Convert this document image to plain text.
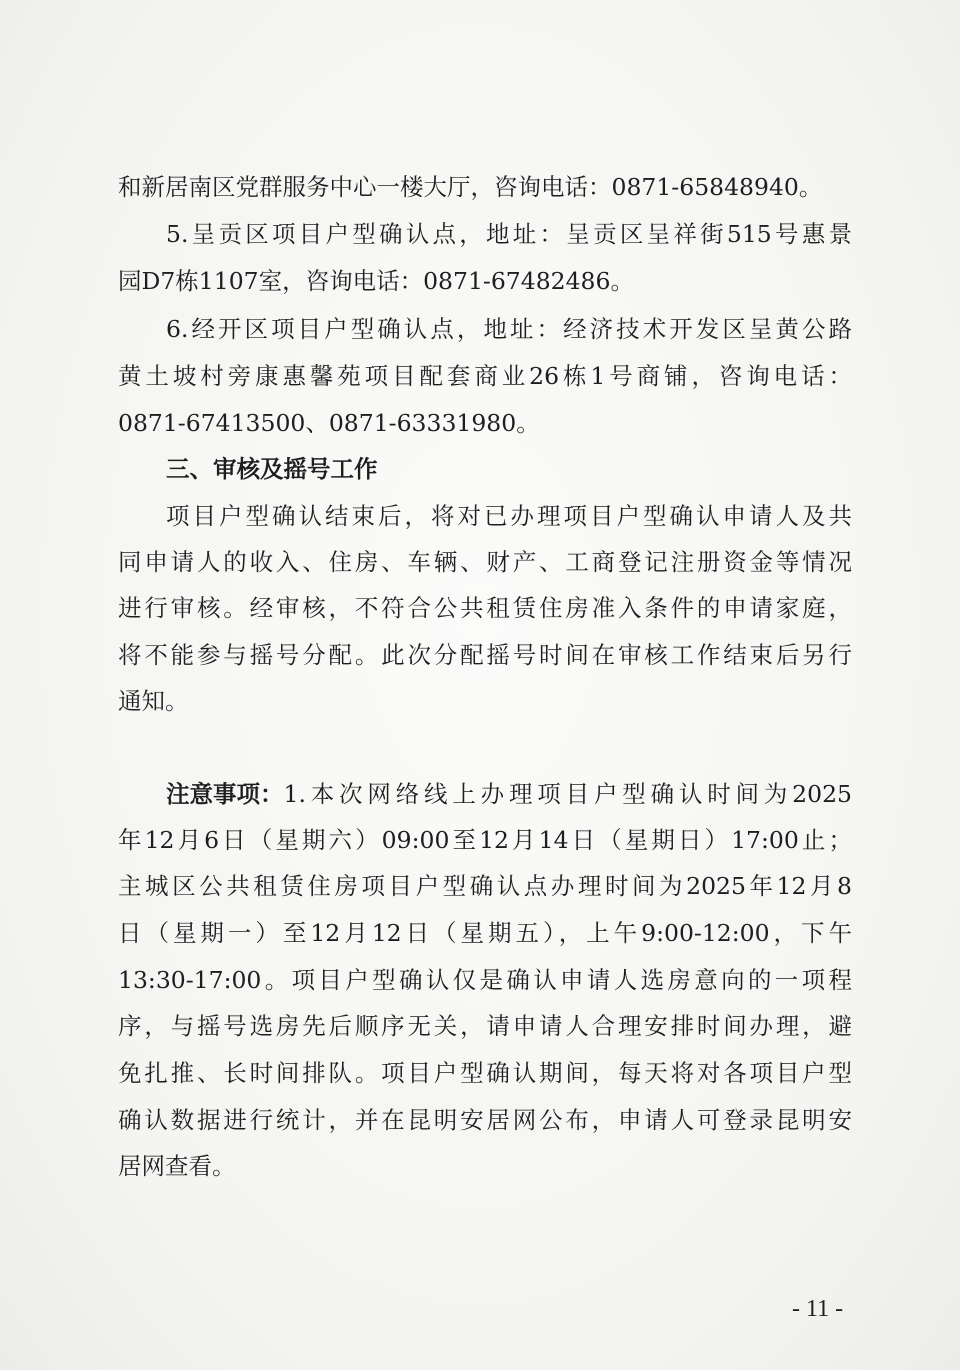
和新居南区党群服务中心一楼大厅，咨询电话：0871-65848940。
5.呈贡区项目户型确认点，地址：呈贡区呈祥街515号惠景
园D7栋1107室，咨询电话：0871-67482486。
6.经开区项目户型确认点，地址：经济技术开发区呈黄公路
黄土坡村旁康惠馨苑项目配套商业26栋1号商铺，咨询电话：
0871-67413500、0871-63331980。
三、审核及摇号工作
项目户型确认结束后，将对已办理项目户型确认申请人及共
同申请人的收入、住房、车辆、财产、工商登记注册资金等情况
进行审核。经审核，不符合公共租赁住房准入条件的申请家庭，
将不能参与摇号分配。此次分配摇号时间在审核工作结束后另行
通知。
注意事项： 1.本次网络线上办理项目户型确认时间为2025
年12月6日（星期六）09:00至12月14日（星期日）17:00止；
主城区公共租赁住房项目户型确认点办理时间为2025年12月8
日（星期一）至12月12日（星期五），上午9:00-12:00，下午
13:30-17:00。项目户型确认仅是确认申请人选房意向的一项程
序，与摇号选房先后顺序无关，请申请人合理安排时间办理，避
免扎推、长时间排队。项目户型确认期间，每天将对各项目户型
确认数据进行统计，并在昆明安居网公布，申请人可登录昆明安
居网查看。
- 11 -
